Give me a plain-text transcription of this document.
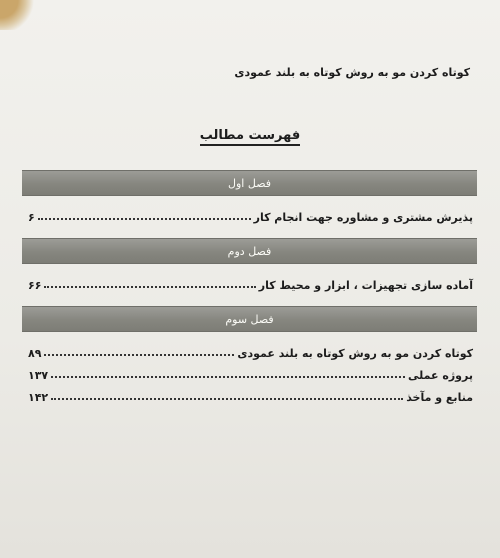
کوتاه کردن مو به روش کوتاه به بلند عمودی
فهرست مطالب
فصل اول
پذیرش مشتری و مشاوره جهت انجام کار
۶
فصل دوم
آماده سازی تجهیزات ، ابزار و محیط کار
۶۶
فصل سوم
کوتاه کردن مو به روش کوتاه به بلند عمودی
۸۹
پروژه عملی
۱۳۷
منابع و مآخذ
۱۴۲
